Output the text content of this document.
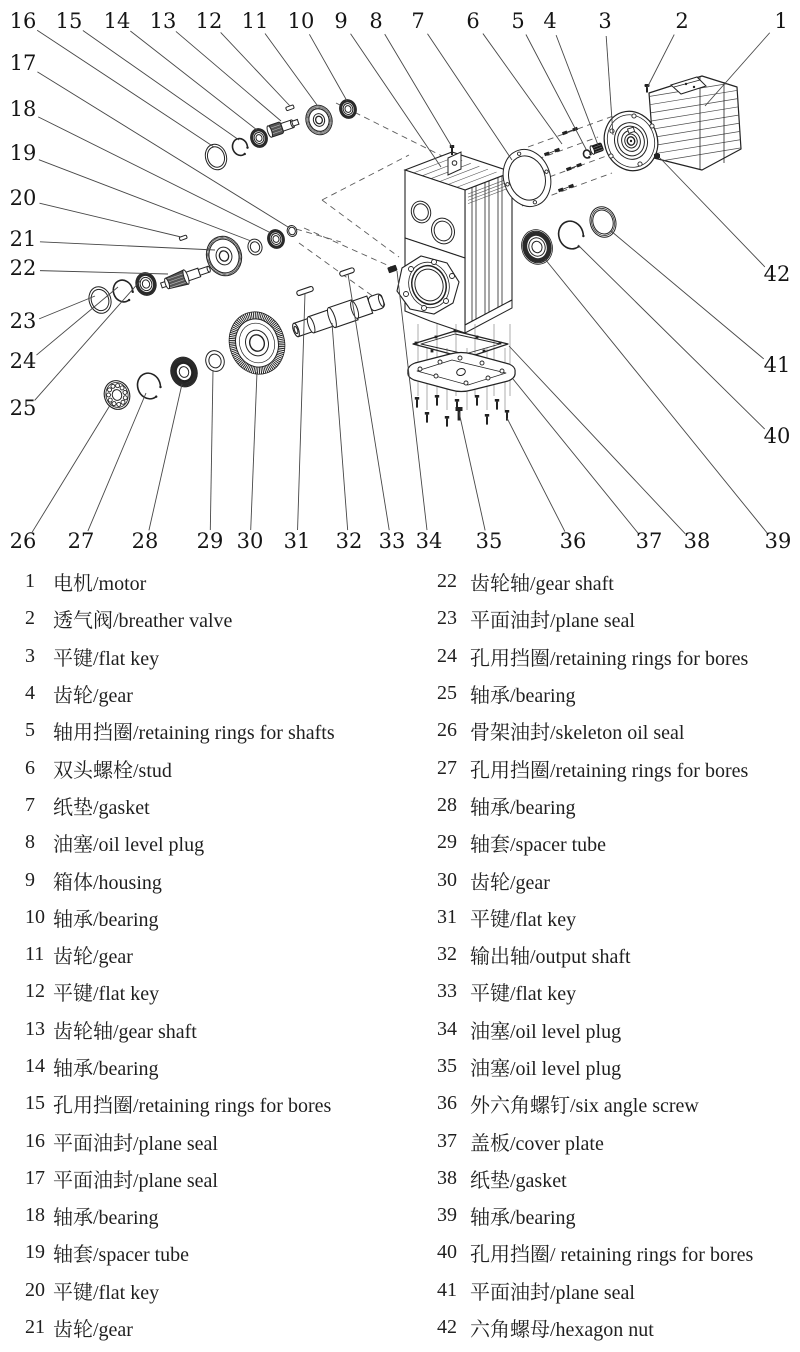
1
2
3
4
5
6
7
8
9
10
11
12
13
14
15
16
17
18
19
20
21
22
23
24
25
26 27 28 29 30 31 32 33 34 35	36 37 38	39
40
41
42
1 电机/motor
2 透气阀/breather valve
3 平键/flat key
4 齿轮/gear
5 轴用挡圈/retaining rings for shafts
6 双头螺栓/stud
7 纸垫/gasket
8 油塞/oil level plug
9 箱体/housing
10 轴承/bearing
11 齿轮/gear
12 平键/flat key
13 齿轮轴/gear shaft
14 轴承/bearing
15 孔用挡圈/retaining rings for bores
16 平面油封/plane seal
17 平面油封/plane seal
18 轴承/bearing
19 轴套/spacer tube
20 平键/flat key
21 齿轮/gear
22 齿轮轴/gear shaft
23 平面油封/plane seal
24 孔用挡圈/retaining rings for bores
25 轴承/bearing
26 骨架油封/skeleton oil seal
27 孔用挡圈/retaining rings for bores
28 轴承/bearing
29 轴套/spacer tube
30 齿轮/gear
31 平键/flat key
32 输出轴/output shaft
33 平键/flat key
34 油塞/oil level plug
35 油塞/oil level plug
36 外六角螺钉/six angle screw
37 盖板/cover plate
38 纸垫/gasket
39 轴承/bearing
40 孔用挡圈/ retaining rings for bores
41 平面油封/plane seal
42 六角螺母/hexagon nut
